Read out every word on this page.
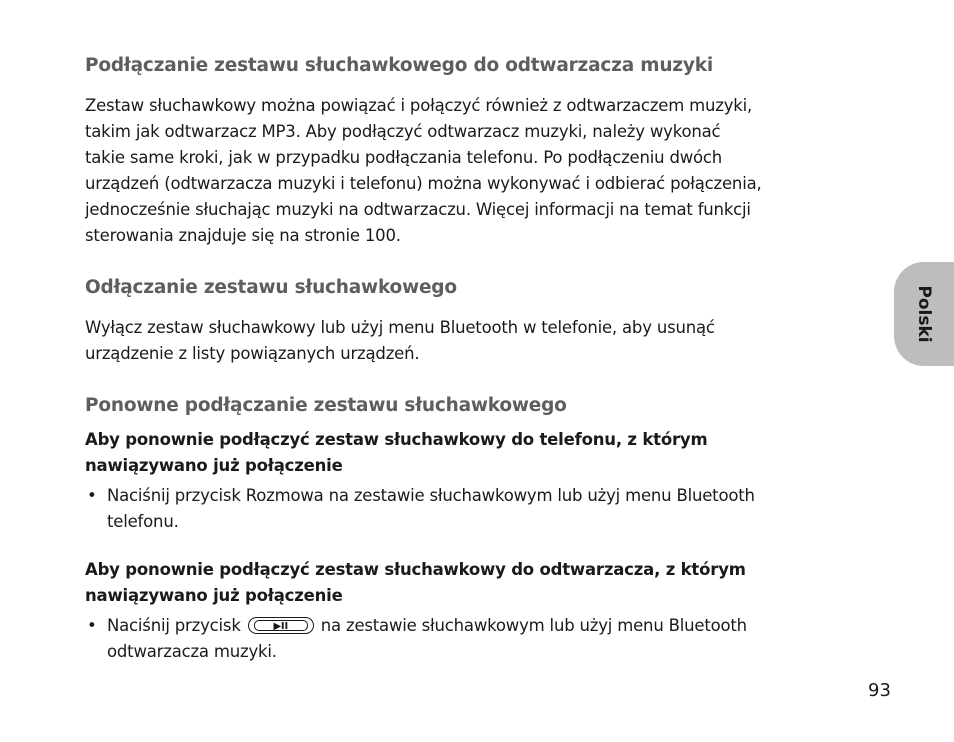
Podłączanie zestawu słuchawkowego do odtwarzacza muzyki
Zestaw słuchawkowy można powiązać i połączyć również z odtwarzaczem muzyki,
takim jak odtwarzacz MP3. Aby podłączyć odtwarzacz muzyki, należy wykonać
takie same kroki, jak w przypadku podłączania telefonu. Po podłączeniu dwóch
urządzeń (odtwarzacza muzyki i telefonu) można wykonywać i odbierać połączenia,
jednocześnie słuchając muzyki na odtwarzaczu. Więcej informacji na temat funkcji
sterowania znajduje się na stronie 100.
Odłączanie zestawu słuchawkowego
Wyłącz zestaw słuchawkowy lub użyj menu Bluetooth w telefonie, aby usunąć
urządzenie z listy powiązanych urządzeń.
Ponowne podłączanie zestawu słuchawkowego
Aby ponownie podłączyć zestaw słuchawkowy do telefonu, z którym
nawiązywano już połączenie
• Naciśnij przycisk Rozmowa na zestawie słuchawkowym lub użyj menu Bluetooth
telefonu.
Aby ponownie podłączyć zestaw słuchawkowy do odtwarzacza, z którym
nawiązywano już połączenie
• Naciśnij przycisk	▶II	na zestawie słuchawkowym lub użyj menu Bluetooth
odtwarzacza muzyki.
Polski
93
